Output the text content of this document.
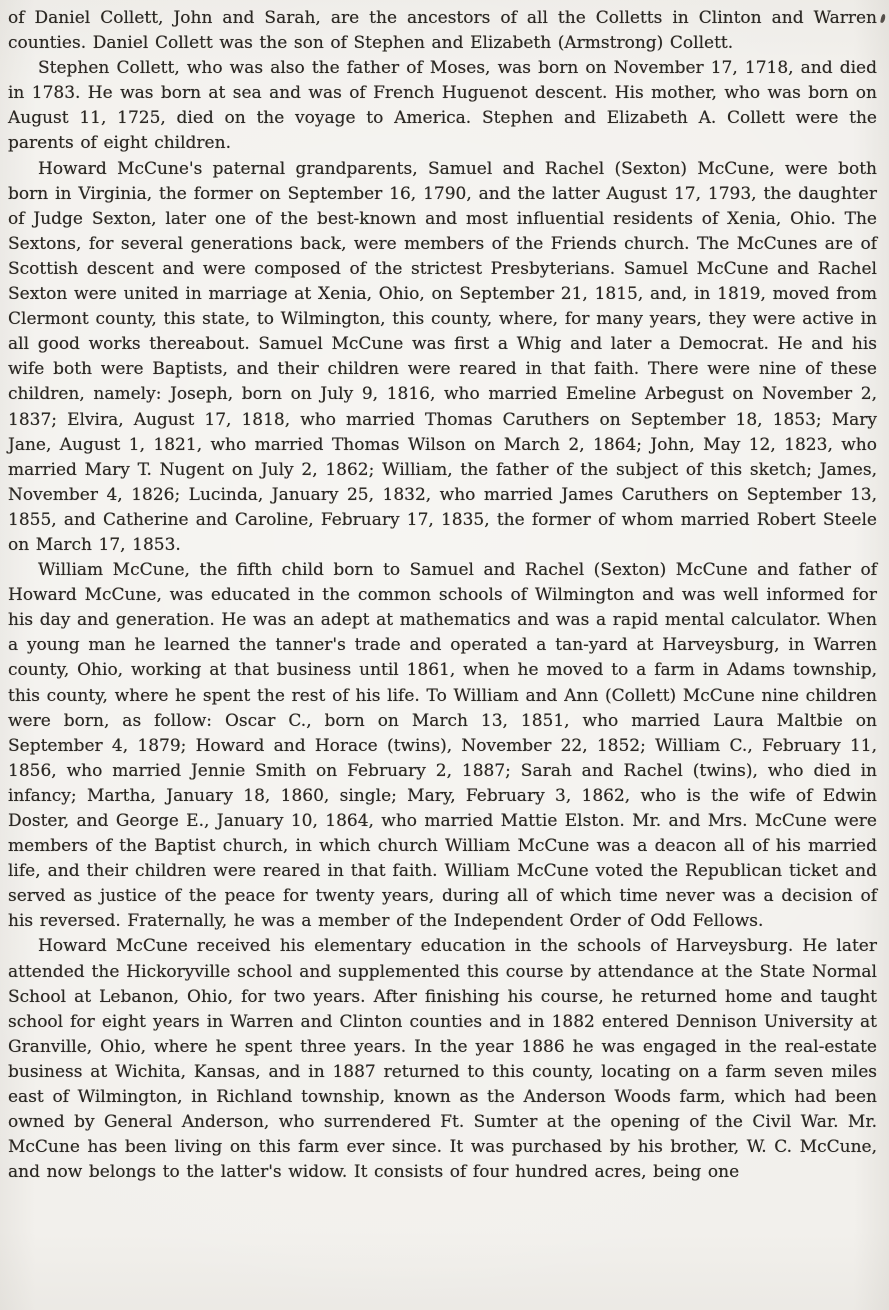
of Daniel Collett, John and Sarah, are the ancestors of all the Colletts in Clinton and Warren counties. Daniel Collett was the son of Stephen and Elizabeth (Armstrong) Collett.

Stephen Collett, who was also the father of Moses, was born on November 17, 1718, and died in 1783. He was born at sea and was of French Huguenot descent. His mother, who was born on August 11, 1725, died on the voyage to America. Stephen and Elizabeth A. Collett were the parents of eight children.

Howard McCune's paternal grandparents, Samuel and Rachel (Sexton) McCune, were both born in Virginia, the former on September 16, 1790, and the latter August 17, 1793, the daughter of Judge Sexton, later one of the best-known and most influential residents of Xenia, Ohio. The Sextons, for several generations back, were members of the Friends church. The McCunes are of Scottish descent and were composed of the strictest Presbyterians. Samuel McCune and Rachel Sexton were united in marriage at Xenia, Ohio, on September 21, 1815, and, in 1819, moved from Clermont county, this state, to Wilmington, this county, where, for many years, they were active in all good works thereabout. Samuel McCune was first a Whig and later a Democrat. He and his wife both were Baptists, and their children were reared in that faith. There were nine of these children, namely: Joseph, born on July 9, 1816, who married Emeline Arbegust on November 2, 1837; Elvira, August 17, 1818, who married Thomas Caruthers on September 18, 1853; Mary Jane, August 1, 1821, who married Thomas Wilson on March 2, 1864; John, May 12, 1823, who married Mary T. Nugent on July 2, 1862; William, the father of the subject of this sketch; James, November 4, 1826; Lucinda, January 25, 1832, who married James Caruthers on September 13, 1855, and Catherine and Caroline, February 17, 1835, the former of whom married Robert Steele on March 17, 1853.

William McCune, the fifth child born to Samuel and Rachel (Sexton) McCune and father of Howard McCune, was educated in the common schools of Wilmington and was well informed for his day and generation. He was an adept at mathematics and was a rapid mental calculator. When a young man he learned the tanner's trade and operated a tan-yard at Harveysburg, in Warren county, Ohio, working at that business until 1861, when he moved to a farm in Adams township, this county, where he spent the rest of his life. To William and Ann (Collett) McCune nine children were born, as follow: Oscar C., born on March 13, 1851, who married Laura Maltbie on September 4, 1879; Howard and Horace (twins), November 22, 1852; William C., February 11, 1856, who married Jennie Smith on February 2, 1887; Sarah and Rachel (twins), who died in infancy; Martha, January 18, 1860, single; Mary, February 3, 1862, who is the wife of Edwin Doster, and George E., January 10, 1864, who married Mattie Elston. Mr. and Mrs. McCune were members of the Baptist church, in which church William McCune was a deacon all of his married life, and their children were reared in that faith. William McCune voted the Republican ticket and served as justice of the peace for twenty years, during all of which time never was a decision of his reversed. Fraternally, he was a member of the Independent Order of Odd Fellows.

Howard McCune received his elementary education in the schools of Harveysburg. He later attended the Hickoryville school and supplemented this course by attendance at the State Normal School at Lebanon, Ohio, for two years. After finishing his course, he returned home and taught school for eight years in Warren and Clinton counties and in 1882 entered Dennison University at Granville, Ohio, where he spent three years. In the year 1886 he was engaged in the real-estate business at Wichita, Kansas, and in 1887 returned to this county, locating on a farm seven miles east of Wilmington, in Richland township, known as the Anderson Woods farm, which had been owned by General Anderson, who surrendered Ft. Sumter at the opening of the Civil War. Mr. McCune has been living on this farm ever since. It was purchased by his brother, W. C. McCune, and now belongs to the latter's widow. It consists of four hundred acres, being one
